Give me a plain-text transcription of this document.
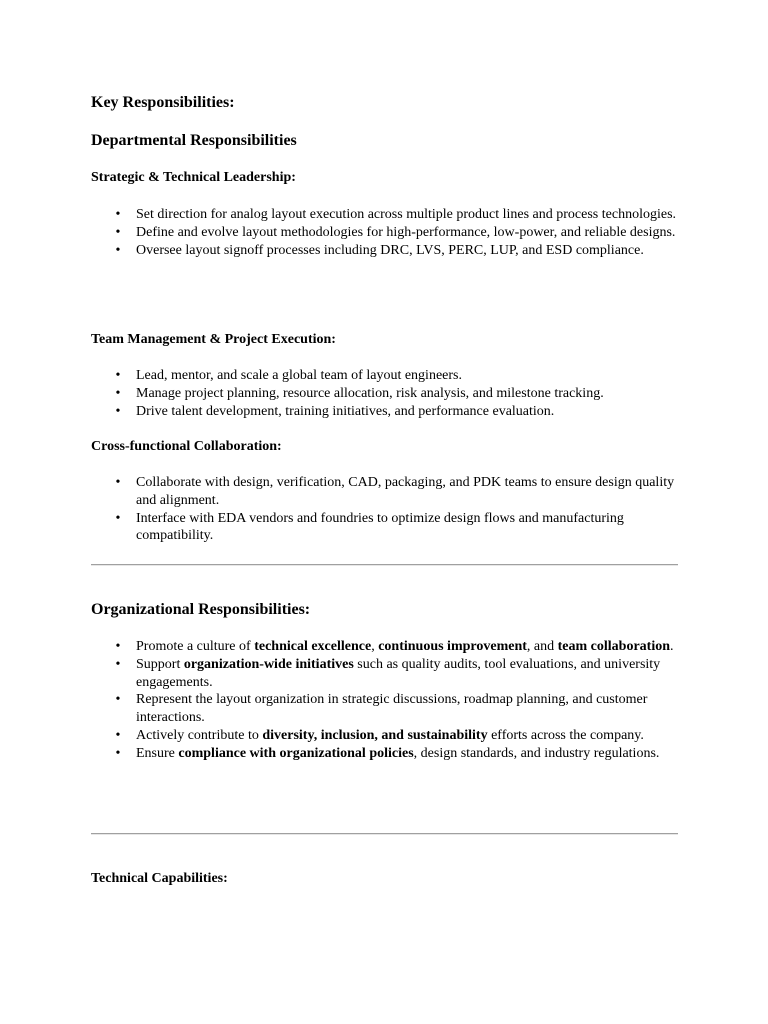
Key Responsibilities:
Departmental Responsibilities
Strategic & Technical Leadership:
• Set direction for analog layout execution across multiple product lines and process technologies.
• Define and evolve layout methodologies for high-performance, low-power, and reliable designs.
• Oversee layout signoff processes including DRC, LVS, PERC, LUP, and ESD compliance.
Team Management & Project Execution:
• Lead, mentor, and scale a global team of layout engineers.
• Manage project planning, resource allocation, risk analysis, and milestone tracking.
• Drive talent development, training initiatives, and performance evaluation.
Cross-functional Collaboration:
• Collaborate with design, verification, CAD, packaging, and PDK teams to ensure design quality and alignment.
• Interface with EDA vendors and foundries to optimize design flows and manufacturing compatibility.
Organizational Responsibilities:
• Promote a culture of technical excellence, continuous improvement, and team collaboration.
• Support organization-wide initiatives such as quality audits, tool evaluations, and university engagements.
• Represent the layout organization in strategic discussions, roadmap planning, and customer interactions.
• Actively contribute to diversity, inclusion, and sustainability efforts across the company.
• Ensure compliance with organizational policies, design standards, and industry regulations.
Technical Capabilities:
